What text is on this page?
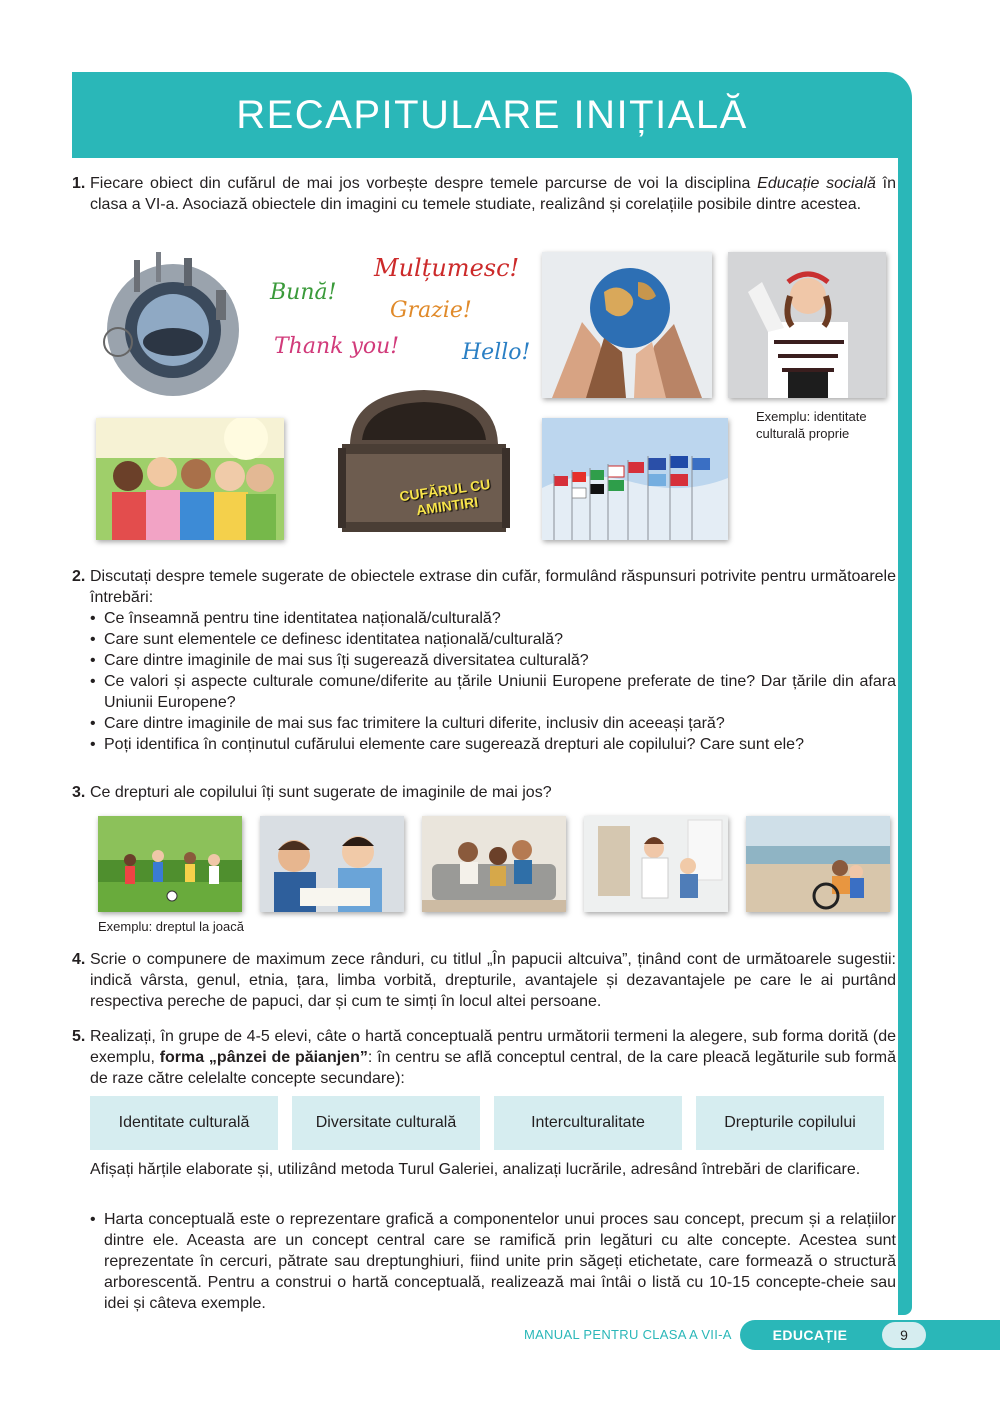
RECAPITULARE INIȚIALĂ
1. Fiecare obiect din cufărul de mai jos vorbește despre temele parcurse de voi la disciplina Educație socială în clasa a VI-a. Asociază obiectele din imagini cu temele studiate, realizând și corelațiile posibile dintre acestea.

Bună!
Mulțumesc!
Grazie!
Thank you!	Hello!
Exemplu: identitate culturală proprie
CUFĂRUL CU AMINTIRI
2. Discutați despre temele sugerate de obiectele extrase din cufăr, formulând răspunsuri potrivite pentru următoarele întrebări:

• Ce înseamnă pentru tine identitatea națională/culturală?
• Care sunt elementele ce definesc identitatea națională/culturală?
• Care dintre imaginile de mai sus îți sugerează diversitatea culturală?
• Ce valori și aspecte culturale comune/diferite au țările Uniunii Europene preferate de tine? Dar țările din afara Uniunii Europene?
• Care dintre imaginile de mai sus fac trimitere la culturi diferite, inclusiv din aceeași țară?
• Poți identifica în conținutul cufărului elemente care sugerează drepturi ale copilului? Care sunt ele?
3. Ce drepturi ale copilului îți sunt sugerate de imaginile de mai jos?

Exemplu: dreptul la joacă
4. Scrie o compunere de maximum zece rânduri, cu titlul „În papucii altcuiva”, ținând cont de următoarele sugestii: indică vârsta, genul, etnia, țara, limba vorbită, drepturile, avantajele și dezavantajele pe care le ai purtând respectiva pereche de papuci, dar și cum te simți în locul altei persoane.

5. Realizați, în grupe de 4-5 elevi, câte o hartă conceptuală pentru următorii termeni la alegere, sub forma dorită (de exemplu, forma „pânzei de păianjen”: în centru se află conceptul central, de la care pleacă legăturile sub formă de raze către celelalte concepte secundare):

Identitate culturală	Diversitate culturală	Interculturalitate	Drepturile copilului

Afișați hărțile elaborate și, utilizând metoda Turul Galeriei, analizați lucrările, adresând întrebări de clarificare.

• Harta conceptuală este o reprezentare grafică a componentelor unui proces sau concept, precum și a relațiilor dintre ele. Aceasta are un concept central care se ramifică prin legături cu alte concepte. Acestea sunt reprezentate în cercuri, pătrate sau dreptunghiuri, fiind unite prin săgeți etichetate, care formează o structură arborescentă. Pentru a construi o hartă conceptuală, realizează mai întâi o listă cu 10-15 concepte-cheie sau idei și câteva exemple.
MANUAL PENTRU CLASA A VII-A	EDUCAȚIE SOCIALĂ
9
